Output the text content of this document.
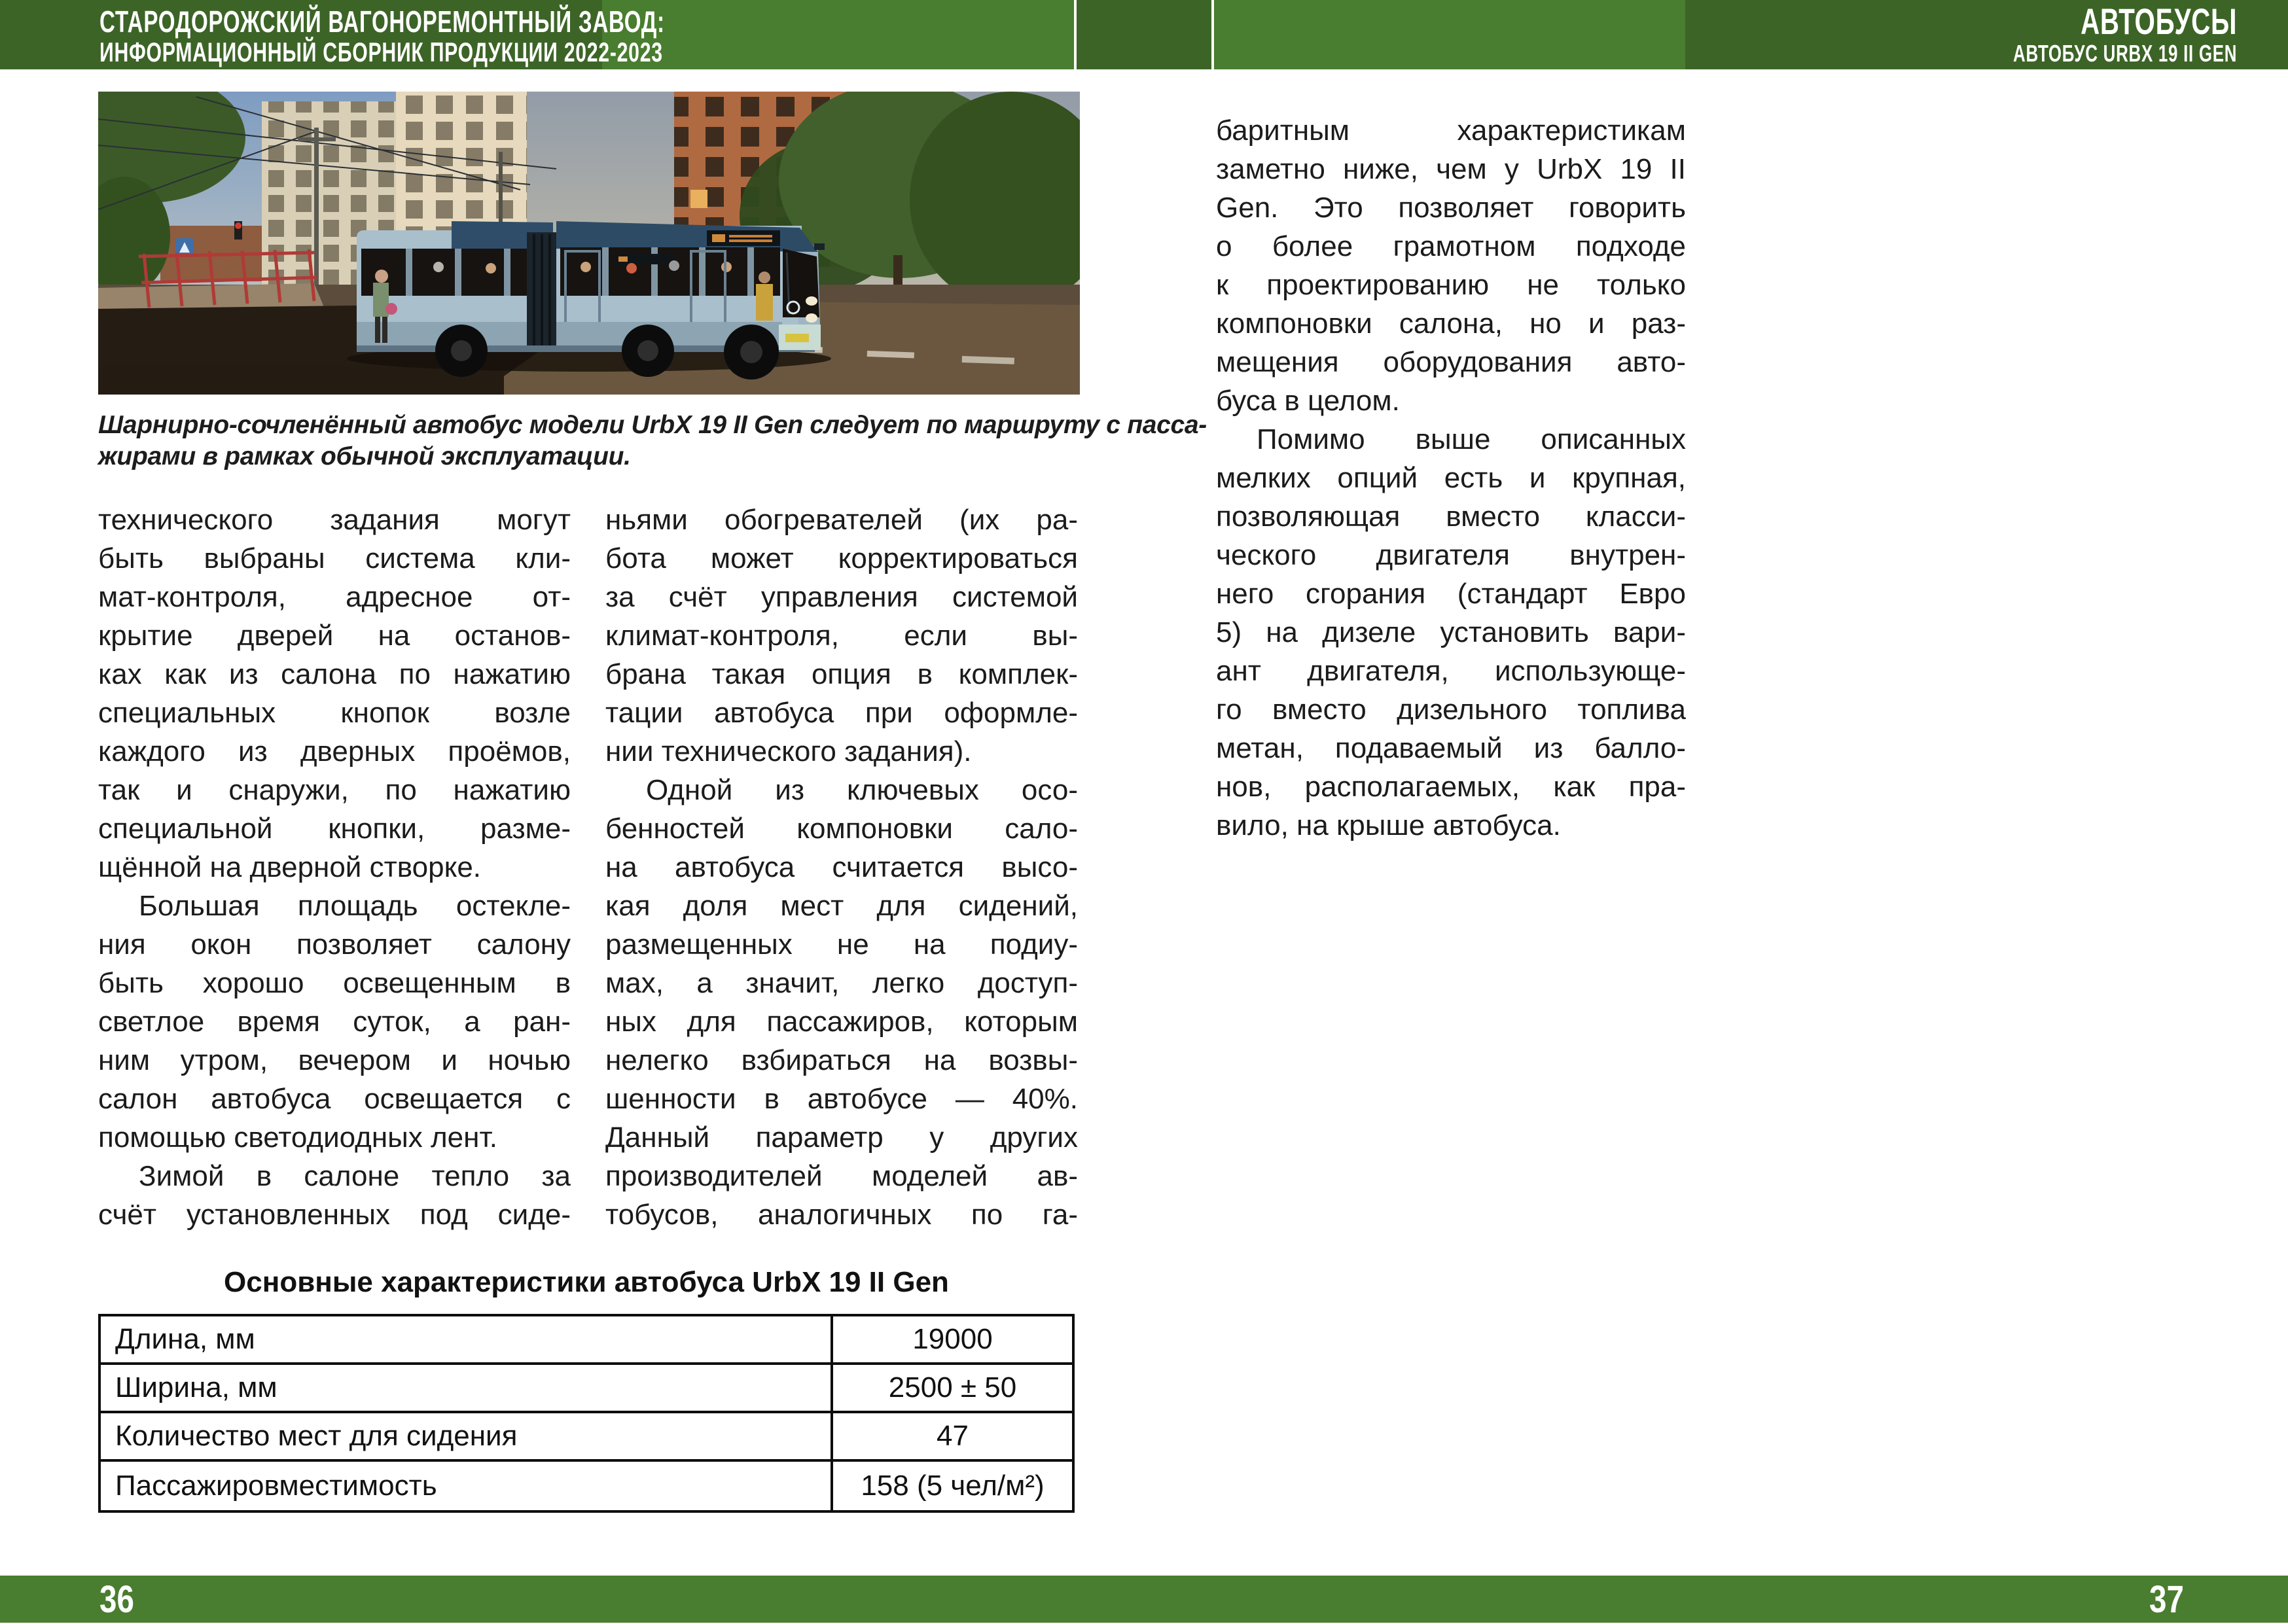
СТАРОДОРОЖСКИЙ ВАГОНОРЕМОНТНЫЙ ЗАВОД:
ИНФОРМАЦИОННЫЙ СБОРНИК ПРОДУКЦИИ 2022-2023
АВТОБУСЫ
АВТОБУС URBX 19 II GEN
Шарнирно-сочленённый автобус модели UrbX 19 II Gen следует по маршруту с пасса-
жирами в рамках обычной эксплуатации.
технического задания могут
быть выбраны система кли-
мат-контроля, адресное от-
крытие дверей на останов-
ках как из салона по нажатию
специальных кнопок возле
каждого из дверных проёмов,
так и снаружи, по нажатию
специальной кнопки, разме-
щённой на дверной створке.
Большая площадь остекле-
ния окон позволяет салону
быть хорошо освещенным в
светлое время суток, а ран-
ним утром, вечером и ночью
салон автобуса освещается с
помощью светодиодных лент.
Зимой в салоне тепло за
счёт установленных под сиде-
ньями обогревателей (их ра-
бота может корректироваться
за счёт управления системой
климат-контроля, если вы-
брана такая опция в комплек-
тации автобуса при оформле-
нии технического задания).
Одной из ключевых осо-
бенностей компоновки сало-
на автобуса считается высо-
кая доля мест для сидений,
размещенных не на подиу-
мах, а значит, легко доступ-
ных для пассажиров, которым
нелегко взбираться на возвы-
шенности в автобусе — 40%.
Данный параметр у других
производителей моделей ав-
тобусов, аналогичных по га-
баритным характеристикам
заметно ниже, чем у UrbX 19 II
Gen. Это позволяет говорить
о более грамотном подходе
к проектированию не только
компоновки салона, но и раз-
мещения оборудования авто-
буса в целом.
Помимо выше описанных
мелких опций есть и крупная,
позволяющая вместо класси-
ческого двигателя внутрен-
него сгорания (стандарт Евро
5) на дизеле установить вари-
ант двигателя, использующе-
го вместо дизельного топлива
метан, подаваемый из балло-
нов, располагаемых, как пра-
вило, на крыше автобуса.
Основные характеристики автобуса UrbX 19 II Gen
Длина, мм	19000
Ширина, мм	2500 ± 50
Количество мест для сидения	47
Пассажировместимость	158 (5 чел/м²)
36	37
